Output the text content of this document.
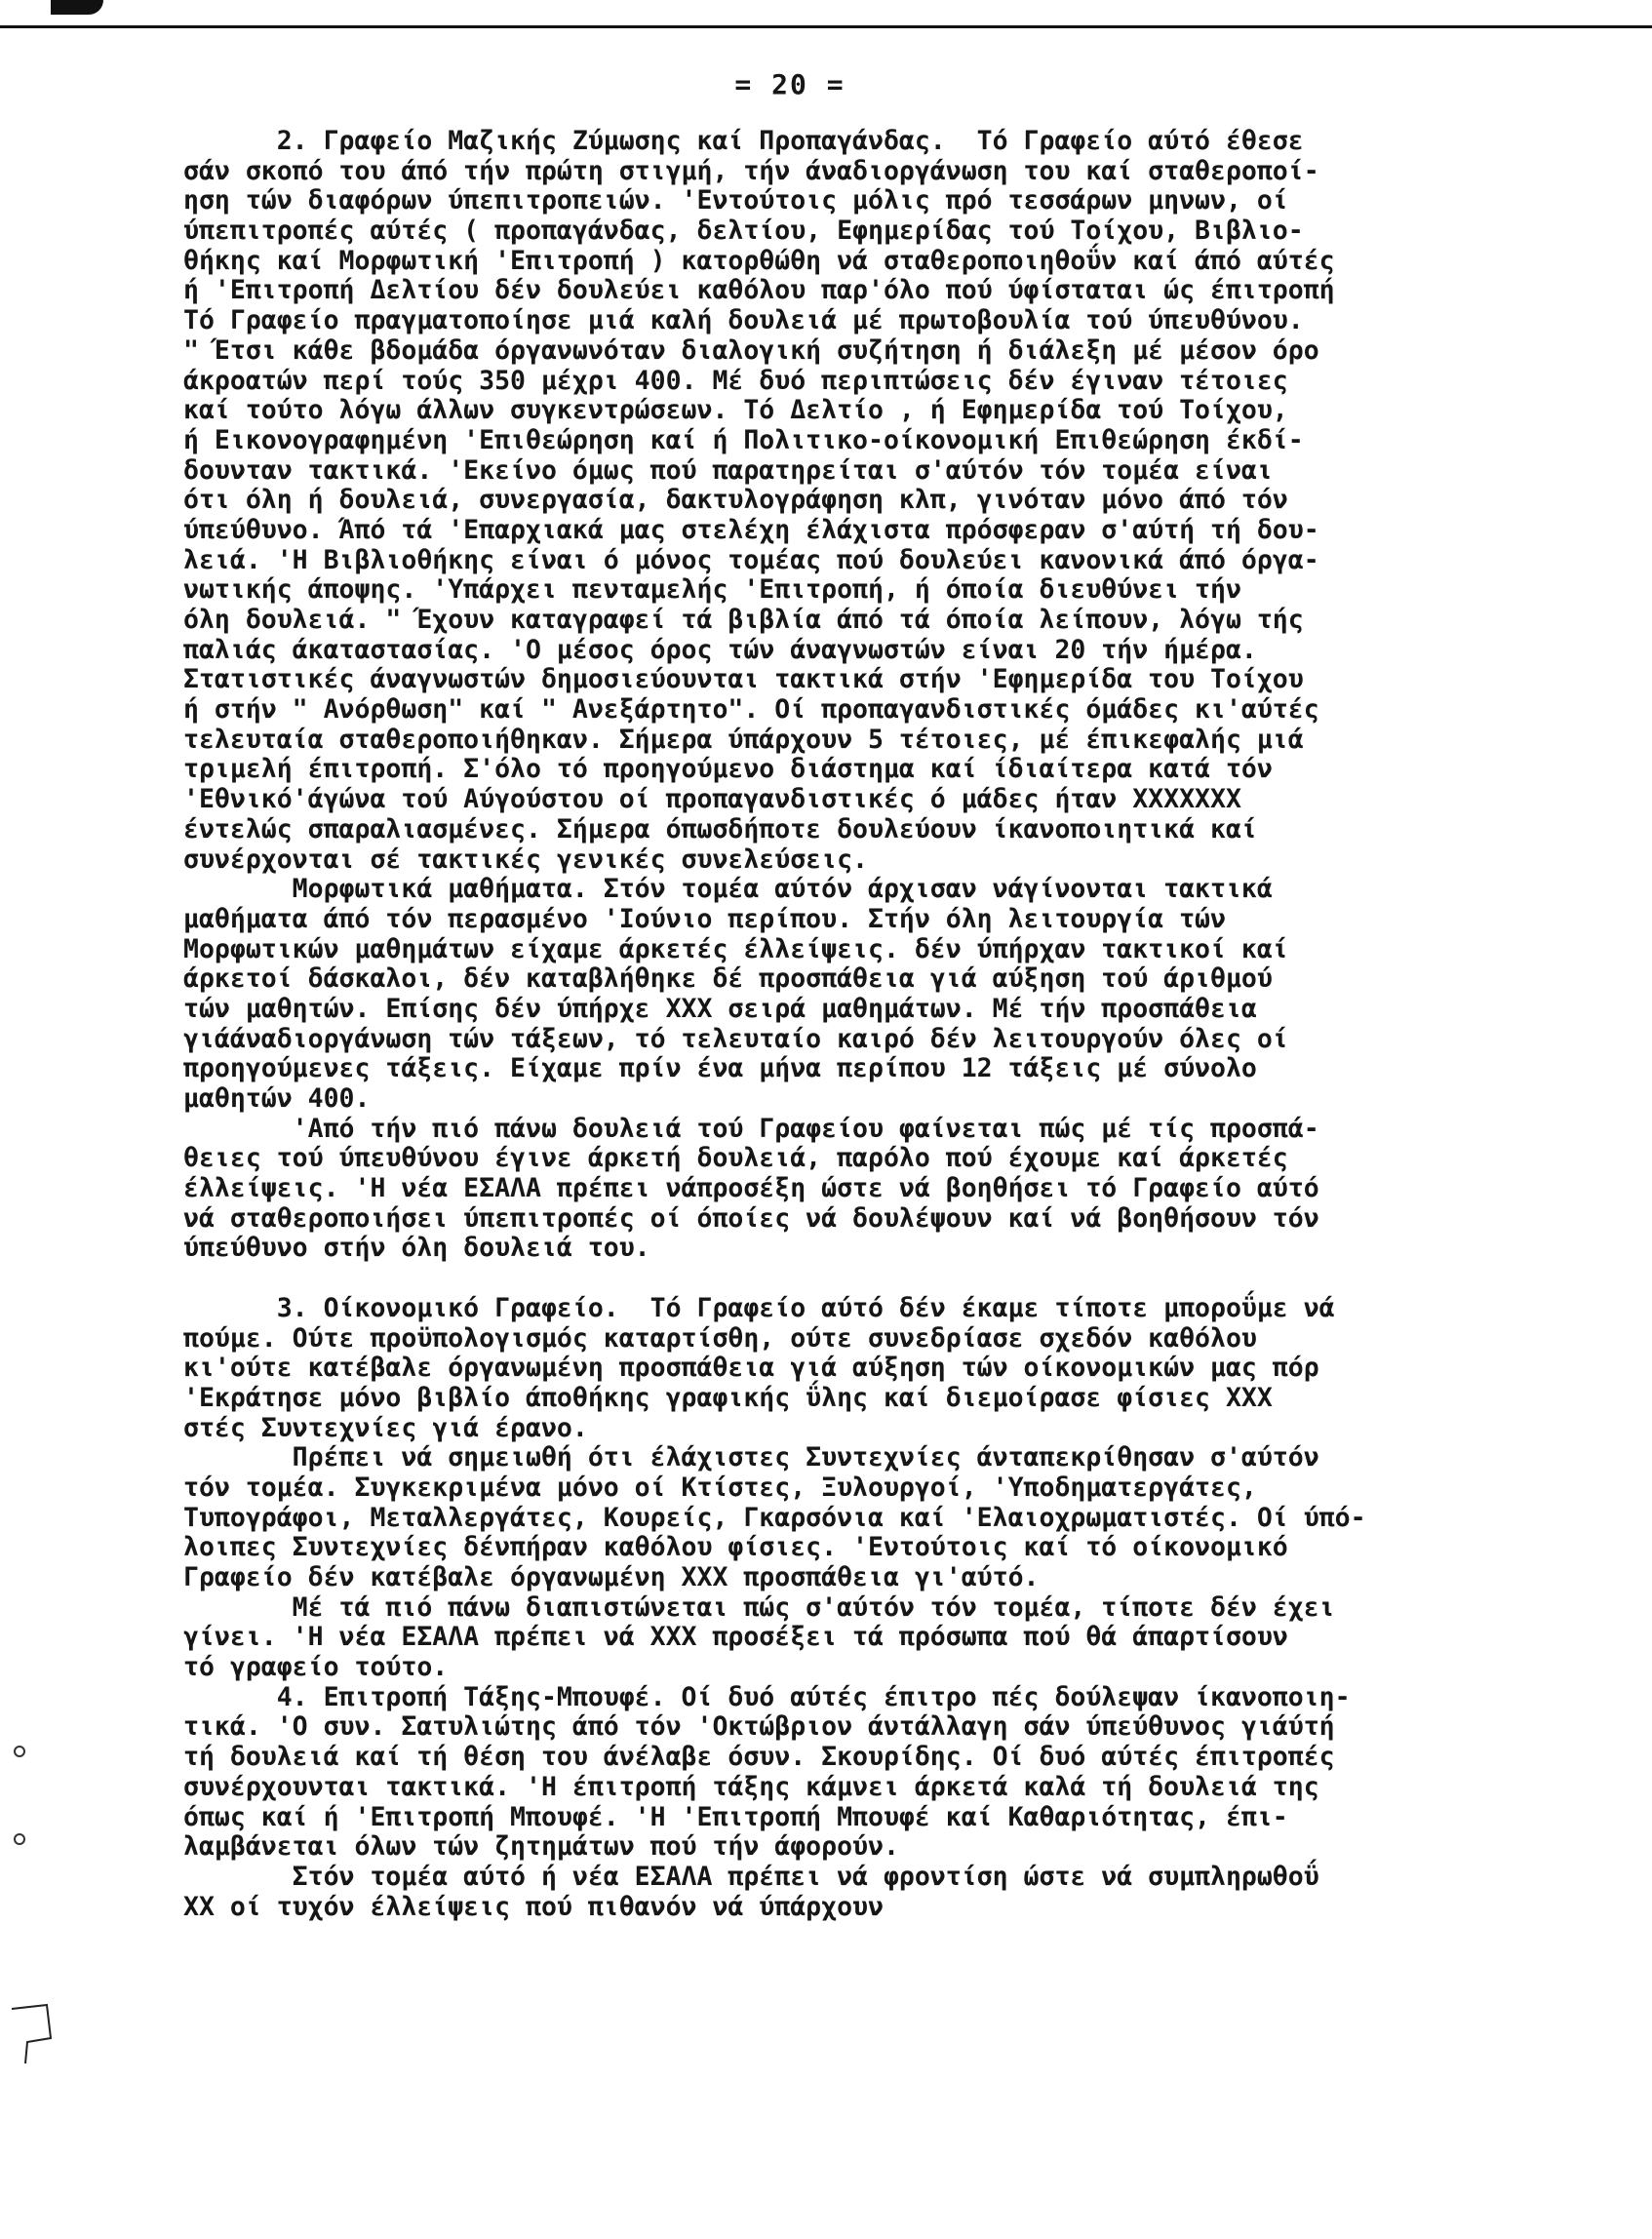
= 20 =
2. Γραφείο Μαζικής Ζύμωσης καί Προπαγάνδας.  Τό Γραφείο αύτό έθεσε
σάν σκοπό του άπό τήν πρώτη στιγμή, τήν άναδιοργάνωση του καί σταθεροποί-
ηση τών διαφόρων ύπεπιτροπειών. 'Εντούτοις μόλις πρό τεσσάρων μηνων, οί
ύπεπιτροπές αύτές ( προπαγάνδας, δελτίου, Εφημερίδας τού Τοίχου, Βιβλιο-
θήκης καί Μορφωτική 'Επιτροπή ) κατορθώθη νά σταθεροποιηθοΰν καί άπό αύτές
ή 'Επιτροπή Δελτίου δέν δουλεύει καθόλου παρ'όλο πού ύφίσταται ώς έπιτροπή
Τό Γραφείο πραγματοποίησε μιά καλή δουλειά μέ πρωτοβουλία τού ύπευθύνου.
" Έτσι κάθε βδομάδα όργανωνόταν διαλογική συζήτηση ή διάλεξη μέ μέσον όρο
άκροατών περί τούς 350 μέχρι 400. Μέ δυό περιπτώσεις δέν έγιναν τέτοιες
καί τούτο λόγω άλλων συγκεντρώσεων. Τό Δελτίο , ή Εφημερίδα τού Τοίχου,
ή Εικονογραφημένη 'Επιθεώρηση καί ή Πολιτικο-οίκονομική Επιθεώρηση έκδί-
δουνταν τακτικά. 'Εκείνο όμως πού παρατηρείται σ'αύτόν τόν τομέα είναι
ότι όλη ή δουλειά, συνεργασία, δακτυλογράφηση κλπ, γινόταν μόνο άπό τόν
ύπεύθυνο. Άπό τά 'Επαρχιακά μας στελέχη έλάχιστα πρόσφεραν σ'αύτή τή δου-
λειά. 'Η Βιβλιοθήκης είναι ό μόνος τομέας πού δουλεύει κανονικά άπό όργα-
νωτικής άποψης. 'Υπάρχει πενταμελής 'Επιτροπή, ή όποία διευθύνει τήν
όλη δουλειά. " Έχουν καταγραφεί τά βιβλία άπό τά όποία λείπουν, λόγω τής
παλιάς άκαταστασίας. 'Ο μέσος όρος τών άναγνωστών είναι 20 τήν ήμέρα.
Στατιστικές άναγνωστών δημοσιεύουνται τακτικά στήν 'Εφημερίδα του Τοίχου
ή στήν " Ανόρθωση" καί " Ανεξάρτητο". Οί προπαγανδιστικές όμάδες κι'αύτές
τελευταία σταθεροποιήθηκαν. Σήμερα ύπάρχουν 5 τέτοιες, μέ έπικεφαλής μιά
τριμελή έπιτροπή. Σ'όλο τό προηγούμενο διάστημα καί ίδιαίτερα κατά τόν
'Εθνικό'άγώνα τού Αύγούστου οί προπαγανδιστικές ό μάδες ήταν ΧΧΧΧΧΧΧ
έντελώς σπαραλιασμένες. Σήμερα όπωσδήποτε δουλεύουν ίκανοποιητικά καί
συνέρχονται σέ τακτικές γενικές συνελεύσεις.
Μορφωτικά μαθήματα. Στόν τομέα αύτόν άρχισαν νάγίνονται τακτικά
μαθήματα άπό τόν περασμένο 'Ιούνιο περίπου. Στήν όλη λειτουργία τών
Μορφωτικών μαθημάτων είχαμε άρκετές έλλείψεις. δέν ύπήρχαν τακτικοί καί
άρκετοί δάσκαλοι, δέν καταβλήθηκε δέ προσπάθεια γιά αύξηση τού άριθμού
τών μαθητών. Επίσης δέν ύπήρχε ΧΧΧ σειρά μαθημάτων. Μέ τήν προσπάθεια
γιάάναδιοργάνωση τών τάξεων, τό τελευταίο καιρό δέν λειτουργούν όλες οί
προηγούμενες τάξεις. Είχαμε πρίν ένα μήνα περίπου 12 τάξεις μέ σύνολο
μαθητών 400.
'Από τήν πιό πάνω δουλειά τού Γραφείου φαίνεται πώς μέ τίς προσπά-
θειες τού ύπευθύνου έγινε άρκετή δουλειά, παρόλο πού έχουμε καί άρκετές
έλλείψεις. 'Η νέα ΕΣΑΛΑ πρέπει νάπροσέξη ώστε νά βοηθήσει τό Γραφείο αύτό
νά σταθεροποιήσει ύπεπιτροπές οί όποίες νά δουλέψουν καί νά βοηθήσουν τόν
ύπεύθυνο στήν όλη δουλειά του.
3. Οίκονομικό Γραφείο.  Τό Γραφείο αύτό δέν έκαμε τίποτε μποροΰμε νά
πούμε. Ούτε προϋπολογισμός καταρτίσθη, ούτε συνεδρίασε σχεδόν καθόλου
κι'ούτε κατέβαλε όργανωμένη προσπάθεια γιά αύξηση τών οίκονομικών μας πόρ
'Εκράτησε μόνο βιβλίο άποθήκης γραφικής ΰλης καί διεμοίρασε φίσιες ΧΧΧ
στές Συντεχνίες γιά έρανο.
Πρέπει νά σημειωθή ότι έλάχιστες Συντεχνίες άνταπεκρίθησαν σ'αύτόν
τόν τομέα. Συγκεκριμένα μόνο οί Κτίστες, Ξυλουργοί, 'Υποδηματεργάτες,
Τυπογράφοι, Μεταλλεργάτες, Κουρείς, Γκαρσόνια καί 'Ελαιοχρωματιστές. Οί ύπό-
λοιπες Συντεχνίες δένπήραν καθόλου φίσιες. 'Εντούτοις καί τό οίκονομικό
Γραφείο δέν κατέβαλε όργανωμένη ΧΧΧ προσπάθεια γι'αύτό.
Μέ τά πιό πάνω διαπιστώνεται πώς σ'αύτόν τόν τομέα, τίποτε δέν έχει
γίνει. 'Η νέα ΕΣΑΛΑ πρέπει νά ΧΧΧ προσέξει τά πρόσωπα πού θά άπαρτίσουν
τό γραφείο τούτο.
4. Επιτροπή Τάξης-Μπουφέ. Οί δυό αύτές έπιτρο πές δούλεψαν ίκανοποιη-
τικά. 'Ο συν. Σατυλιώτης άπό τόν 'Οκτώβριον άντάλλαγη σάν ύπεύθυνος γιάύτή
τή δουλειά καί τή θέση του άνέλαβε όσυν. Σκουρίδης. Οί δυό αύτές έπιτροπές
συνέρχουνται τακτικά. 'Η έπιτροπή τάξης κάμνει άρκετά καλά τή δουλειά της
όπως καί ή 'Επιτροπή Μπουφέ. 'Η 'Επιτροπή Μπουφέ καί Καθαριότητας, έπι-
λαμβάνεται όλων τών ζητημάτων πού τήν άφορούν.
Στόν τομέα αύτό ή νέα ΕΣΑΛΑ πρέπει νά φροντίση ώστε νά συμπληρωθοΰ
ΧΧ οί τυχόν έλλείψεις πού πιθανόν νά ύπάρχουν
